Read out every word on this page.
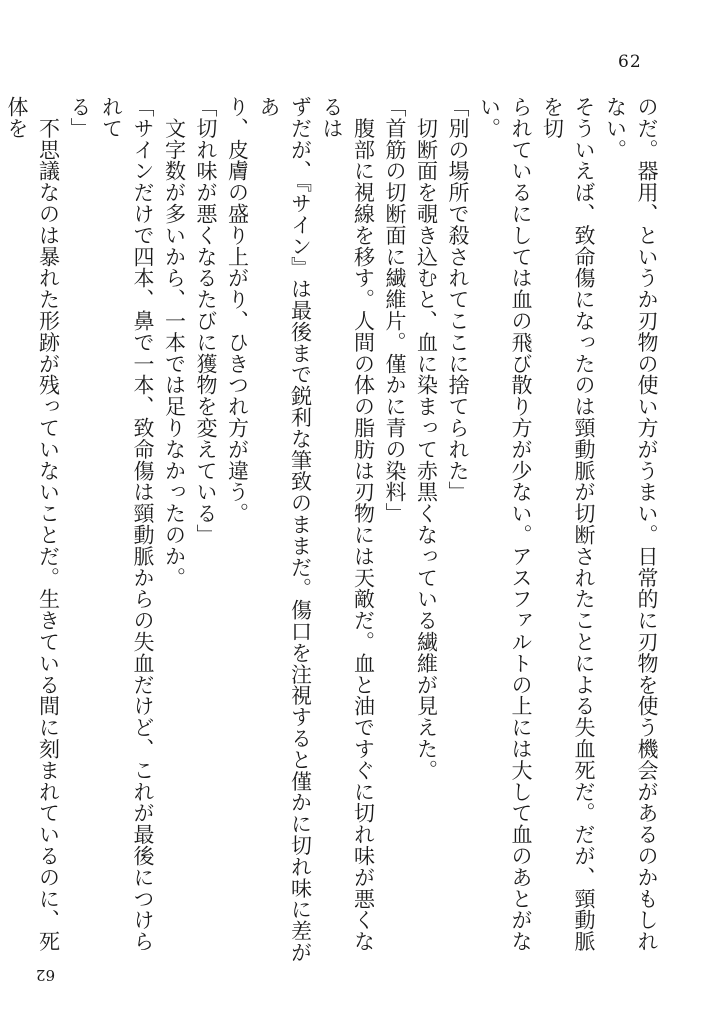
62

のだ。器用、というか刃物の使い方がうまい。日常的に刃物を使う機会があるのかもしれない。

そういえば、致命傷になったのは頸動脈が切断されたことによる失血死だ。だが、頸動脈を切

られているにしては血の飛び散り方が少ない。アスファルトの上には大して血のあとがない。

「別の場所で殺されてここに捨てられた」

　切断面を覗き込むと、血に染まって赤黒くなっている繊維が見えた。

「首筋の切断面に繊維片。僅かに青の染料」

　腹部に視線を移す。人間の体の脂肪は刃物には天敵だ。血と油ですぐに切れ味が悪くなるは

ずだが、『サイン』は最後まで鋭利な筆致のままだ。傷口を注視すると僅かに切れ味に差があ

り、皮膚の盛り上がり、ひきつれ方が違う。

「切れ味が悪くなるたびに獲物を変えている」

　文字数が多いから、一本では足りなかったのか。

「サインだけで四本、鼻で一本、致命傷は頸動脈からの失血だけど、これが最後につけられて

る」

　不思議なのは暴れた形跡が残っていないことだ。生きている間に刻まれているのに、死体を

62
